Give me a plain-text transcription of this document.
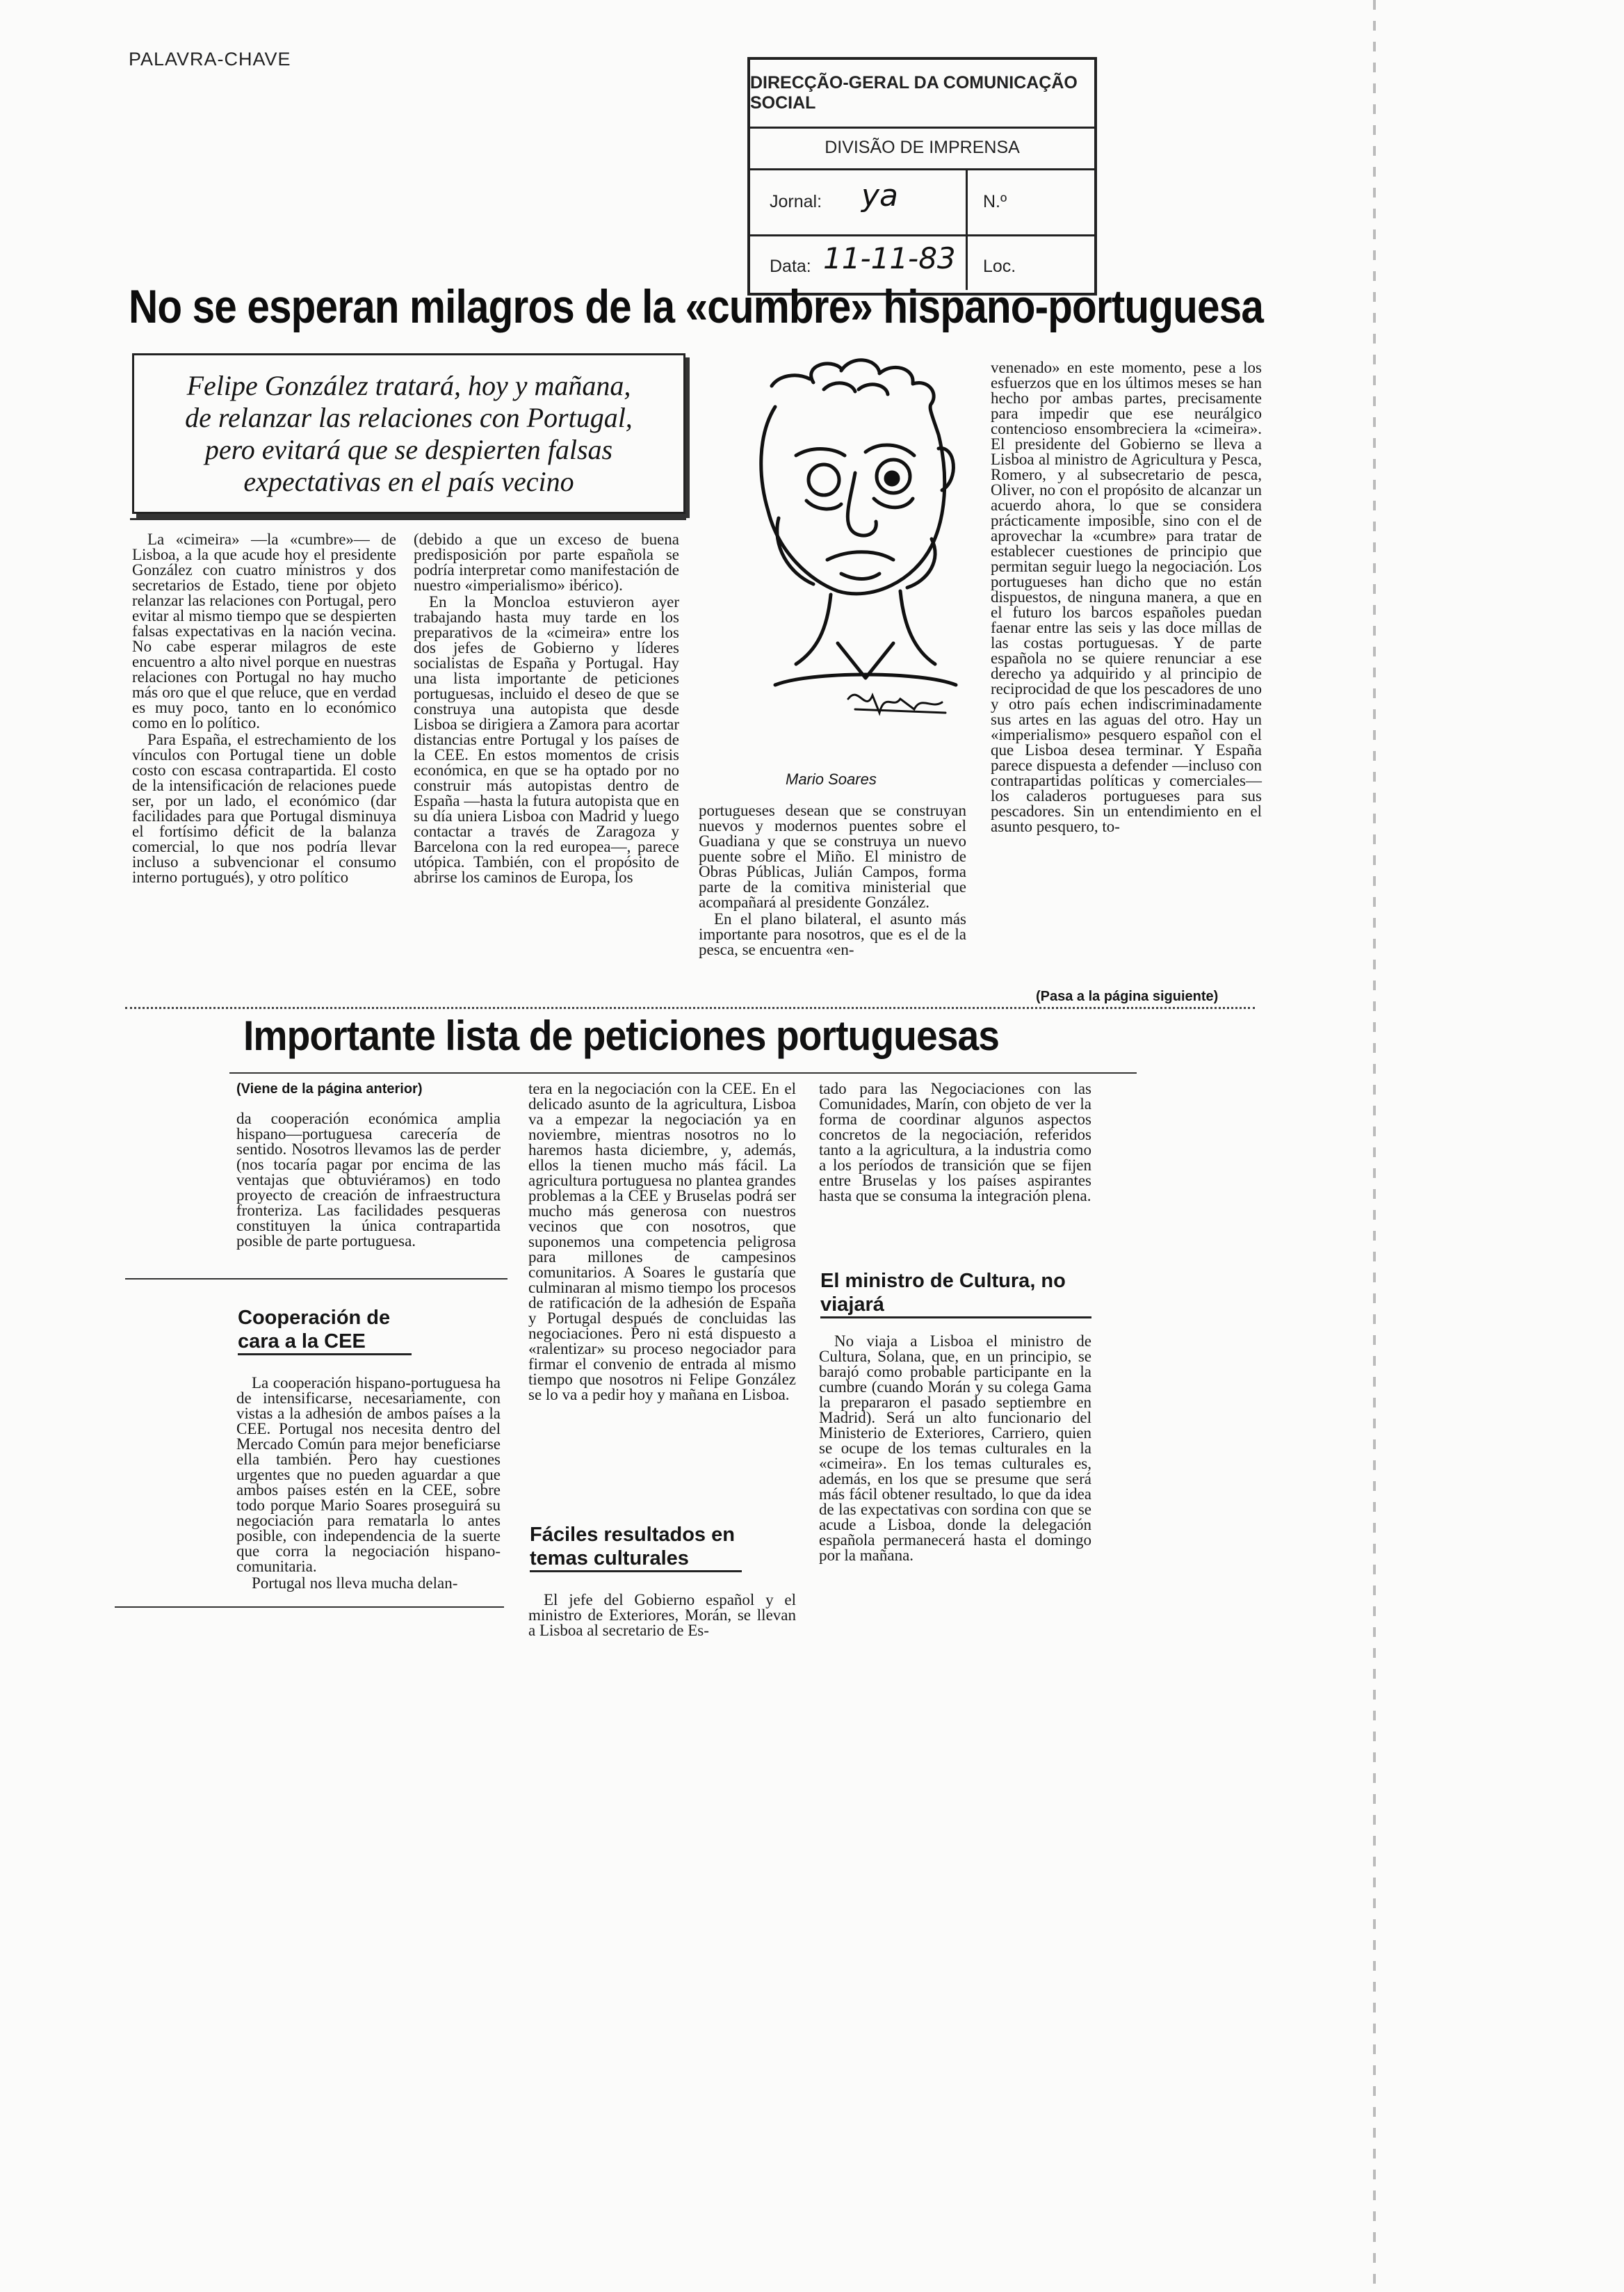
PALAVRA-CHAVE
DIRECÇÃO-GERAL DA COMUNICAÇÃO SOCIAL
DIVISÃO DE IMPRENSA
Jornal: ya	N.º
Data: 11-11-83 Loc.
No se esperan milagros de la «cumbre» hispano-portuguesa
Felipe González tratará, hoy y mañana,
de relanzar las relaciones con Portugal,
pero evitará que se despierten falsas
expectativas en el país vecino
Mario Soares

La «cimeira» —la «cumbre»— de Lisboa, a la que acude hoy el presidente González con cuatro ministros y dos secretarios de Estado, tiene por objeto relanzar las relaciones con Portugal, pero evitar al mismo tiempo que se despierten falsas expectativas en la nación vecina. No cabe esperar milagros de este encuentro a alto nivel porque en nuestras relaciones con Portugal no hay mucho más oro que el que reluce, que en verdad es muy poco, tanto en lo económico como en lo político.

Para España, el estrechamiento de los vínculos con Portugal tiene un doble costo con escasa contrapartida. El costo de la intensificación de relaciones puede ser, por un lado, el económico (dar facilidades para que Portugal disminuya el fortísimo déficit de la balanza comercial, lo que nos podría llevar incluso a subvencionar el consumo interno portugués), y otro político

(debido a que un exceso de buena predisposición por parte española se podría interpretar como manifestación de nuestro «imperialismo» ibérico).

En la Moncloa estuvieron ayer trabajando hasta muy tarde en los preparativos de la «cimeira» entre los dos jefes de Gobierno y líderes socialistas de España y Portugal. Hay una lista importante de peticiones portuguesas, incluido el deseo de que se construya una autopista que desde Lisboa se dirigiera a Zamora para acortar distancias entre Portugal y los países de la CEE. En estos momentos de crisis económica, en que se ha optado por no construir más autopistas dentro de España —hasta la futura autopista que en su día uniera Lisboa con Madrid y luego contactar a través de Zaragoza y Barcelona con la red europea—, parece utópica. También, con el propósito de abrirse los caminos de Europa, los

portugueses desean que se construyan nuevos y modernos puentes sobre el Guadiana y que se construya un nuevo puente sobre el Miño. El ministro de Obras Públicas, Julián Campos, forma parte de la comitiva ministerial que acompañará al presidente González.

En el plano bilateral, el asunto más importante para nosotros, que es el de la pesca, se encuentra «en-

venenado» en este momento, pese a los esfuerzos que en los últimos meses se han hecho por ambas partes, precisamente para impedir que ese neurálgico contencioso ensombreciera la «cimeira». El presidente del Gobierno se lleva a Lisboa al ministro de Agricultura y Pesca, Romero, y al subsecretario de pesca, Oliver, no con el propósito de alcanzar un acuerdo ahora, lo que se considera prácticamente imposible, sino con el de aprovechar la «cumbre» para tratar de establecer cuestiones de principio que permitan seguir luego la negociación. Los portugueses han dicho que no están dispuestos, de ninguna manera, a que en el futuro los barcos españoles puedan faenar entre las seis y las doce millas de las costas portuguesas. Y de parte española no se quiere renunciar a ese derecho ya adquirido y al principio de reciprocidad de que los pescadores de uno y otro país echen indiscriminadamente sus artes en las aguas del otro. Hay un «imperialismo» pesquero español con el que Lisboa desea terminar. Y España parece dispuesta a defender —incluso con contrapartidas políticas y comerciales— los caladeros portugueses para sus pescadores. Sin un entendimiento en el asunto pesquero, to-

(Pasa a la página siguiente)
Importante lista de peticiones portuguesas
(Viene de la página anterior)

da cooperación económica amplia hispano—portuguesa carecería de sentido. Nosotros llevamos las de perder (nos tocaría pagar por encima de las ventajas que obtuviéramos) en todo proyecto de creación de infraestructura fronteriza. Las facilidades pesqueras constituyen la única contrapartida posible de parte portuguesa.

Cooperación de cara a la CEE

La cooperación hispano-portuguesa ha de intensificarse, necesariamente, con vistas a la adhesión de ambos países a la CEE. Portugal nos necesita dentro del Mercado Común para mejor beneficiarse ella también. Pero hay cuestiones urgentes que no pueden aguardar a que ambos países estén en la CEE, sobre todo porque Mario Soares proseguirá su negociación para rematarla lo antes posible, con independencia de la suerte que corra la negociación hispano- comunitaria.

Portugal nos lleva mucha delan-

tera en la negociación con la CEE. En el delicado asunto de la agricultura, Lisboa va a empezar la negociación ya en noviembre, mientras nosotros no lo haremos hasta diciembre, y, además, ellos la tienen mucho más fácil. La agricultura portuguesa no plantea grandes problemas a la CEE y Bruselas podrá ser mucho más generosa con nuestros vecinos que con nosotros, que suponemos una competencia peligrosa para millones de campesinos comunitarios. A Soares le gustaría que culminaran al mismo tiempo los procesos de ratificación de la adhesión de España y Portugal después de concluidas las negociaciones. Pero ni está dispuesto a «ralentizar» su proceso negociador para firmar el convenio de entrada al mismo tiempo que nosotros ni Felipe González se lo va a pedir hoy y mañana en Lisboa.

Fáciles resultados en temas culturales

El jefe del Gobierno español y el ministro de Exteriores, Morán, se llevan a Lisboa al secretario de Es-

tado para las Negociaciones con las Comunidades, Marín, con objeto de ver la forma de coordinar algunos aspectos concretos de la negociación, referidos tanto a la agricultura, a la industria como a los períodos de transición que se fijen entre Bruselas y los países aspirantes hasta que se consuma la integración plena.

El ministro de Cultura, no viajará

No viaja a Lisboa el ministro de Cultura, Solana, que, en un principio, se barajó como probable participante en la cumbre (cuando Morán y su colega Gama la prepararon el pasado septiembre en Madrid). Será un alto funcionario del Ministerio de Exteriores, Carriero, quien se ocupe de los temas culturales en la «cimeira». En los temas culturales es, además, en los que se presume que será más fácil obtener resultado, lo que da idea de las expectativas con sordina con que se acude a Lisboa, donde la delegación española permanecerá hasta el domingo por la mañana.
